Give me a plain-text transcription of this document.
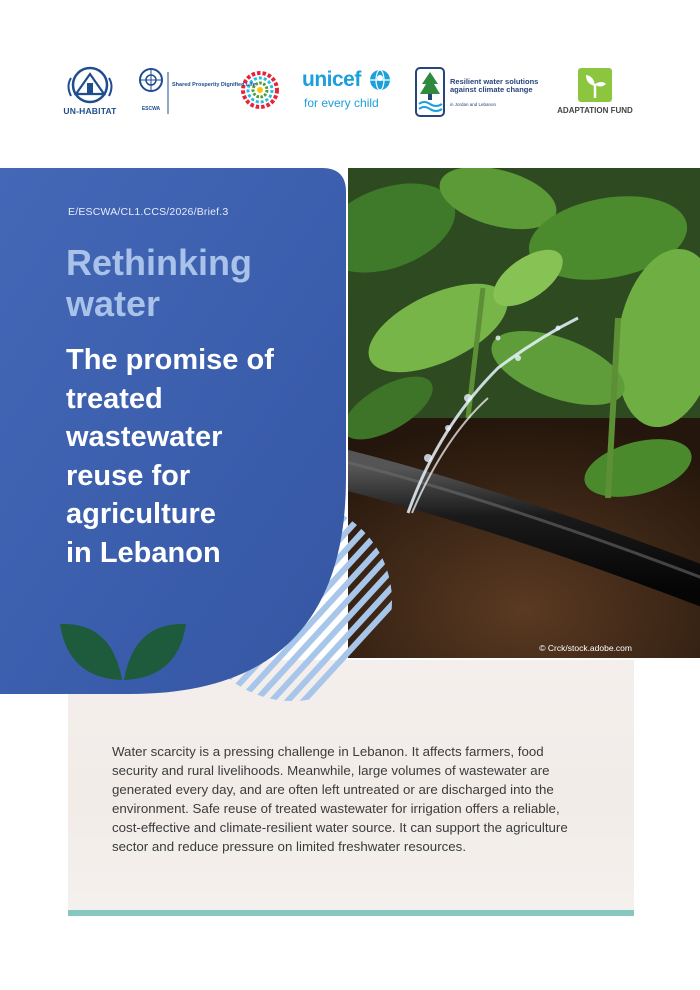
UN-HABITAT	ESCWA
Shared Prosperity Dignified Life unicef
for every child
Resilient water solutions against climate change
in Jordan and Lebanon
ADAPTATION FUND
© Crck/stock.adobe.com
E/ESCWA/CL1.CCS/2026/Brief.3
Rethinking
water
The promise of
treated
wastewater
reuse for
agriculture
in Lebanon

Water scarcity is a pressing challenge in Lebanon. It affects farmers, food security and rural livelihoods. Meanwhile, large volumes of wastewater are generated every day, and are often left untreated or are discharged into the environment. Safe reuse of treated wastewater for irrigation offers a reliable, cost-effective and climate-resilient water source. It can support the agriculture sector and reduce pressure on limited freshwater resources.
